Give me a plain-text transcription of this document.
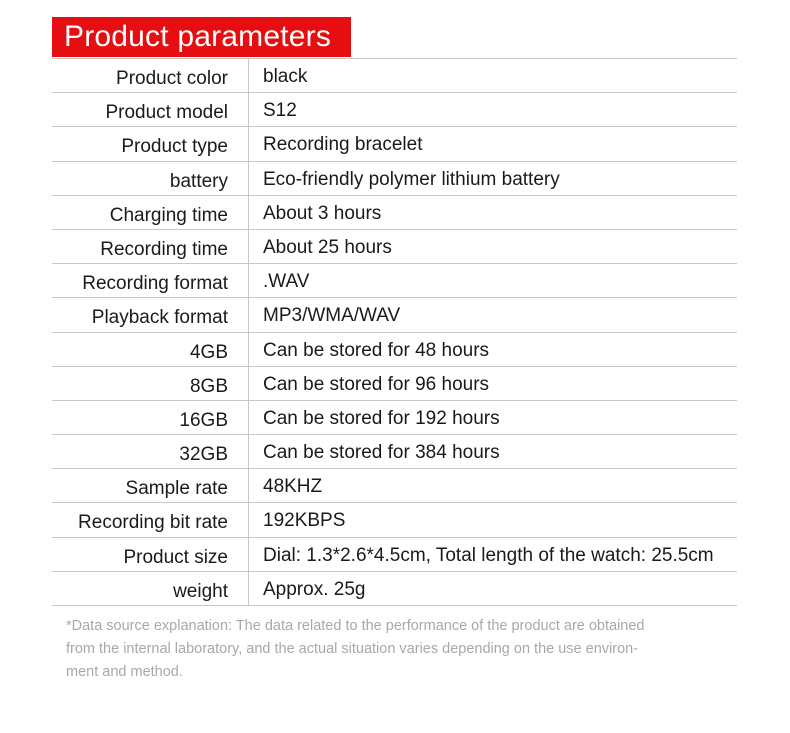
Product parameters
Product color	black
Product model	S12
Product type	Recording bracelet
battery	Eco-friendly polymer lithium battery
Charging time	About 3 hours
Recording time	About 25 hours
Recording format	.WAV
Playback format	MP3/WMA/WAV
4GB	Can be stored for 48 hours
8GB	Can be stored for 96 hours
16GB	Can be stored for 192 hours
32GB	Can be stored for 384 hours
Sample rate	48KHZ
Recording bit rate	192KBPS
Product size	Dial: 1.3*2.6*4.5cm, Total length of the watch: 25.5cm
weight	Approx. 25g
*Data source explanation: The data related to the performance of the product are obtained
from the internal laboratory, and the actual situation varies depending on the use environ-
ment and method.
